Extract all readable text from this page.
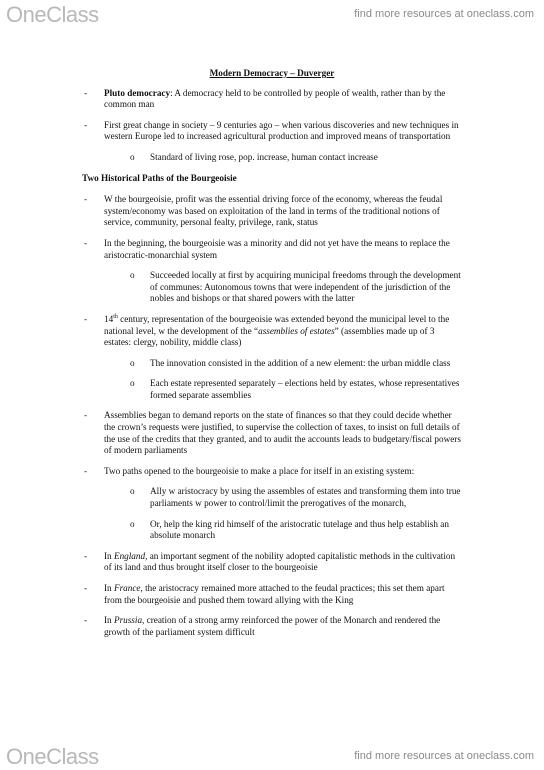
OneClass	find more resources at oneclass.com
Modern Democracy – Duverger
- Pluto democracy: A democracy held to be controlled by people of wealth, rather than by the common man
- First great change in society – 9 centuries ago – when various discoveries and new techniques in western Europe led to increased agricultural production and improved means of transportation
o Standard of living rose, pop. increase, human contact increase
Two Historical Paths of the Bourgeoisie
- W the bourgeoisie, profit was the essential driving force of the economy, whereas the feudal system/economy was based on exploitation of the land in terms of the traditional notions of service, community, personal fealty, privilege, rank, status
- In the beginning, the bourgeoisie was a minority and did not yet have the means to replace the aristocratic-monarchial system
o Succeeded locally at first by acquiring municipal freedoms through the development of communes: Autonomous towns that were independent of the jurisdiction of the nobles and bishops or that shared powers with the latter
- 14th century, representation of the bourgeoisie was extended beyond the municipal level to the national level, w the development of the “assemblies of estates” (assemblies made up of 3 estates: clergy, nobility, middle class)
o The innovation consisted in the addition of a new element: the urban middle class
o Each estate represented separately – elections held by estates, whose representatives formed separate assemblies
- Assemblies began to demand reports on the state of finances so that they could decide whether the crown’s requests were justified, to supervise the collection of taxes, to insist on full details of the use of the credits that they granted, and to audit the accounts leads to budgetary/fiscal powers of modern parliaments
- Two paths opened to the bourgeoisie to make a place for itself in an existing system:
o Ally w aristocracy by using the assembles of estates and transforming them into true parliaments w power to control/limit the prerogatives of the monarch,
o Or, help the king rid himself of the aristocratic tutelage and thus help establish an absolute monarch
- In England, an important segment of the nobility adopted capitalistic methods in the cultivation of its land and thus brought itself closer to the bourgeoisie
- In France, the aristocracy remained more attached to the feudal practices; this set them apart from the bourgeoisie and pushed them toward allying with the King
- In Prussia, creation of a strong army reinforced the power of the Monarch and rendered the growth of the parliament system difficult
OneClass	find more resources at oneclass.com
